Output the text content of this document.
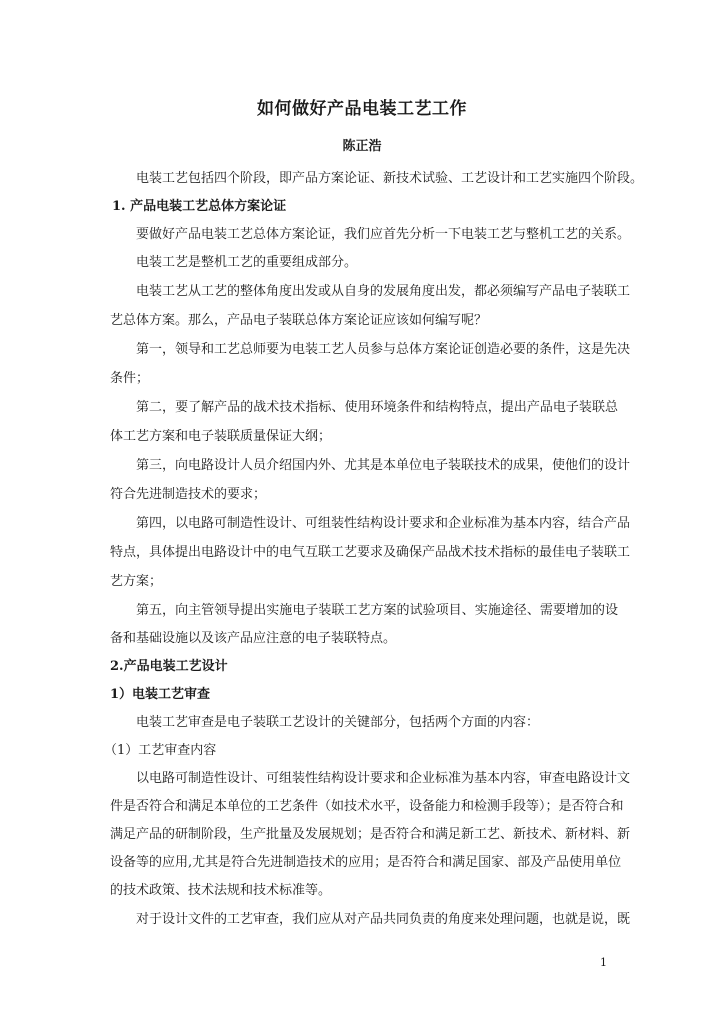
如何做好产品电装工艺工作
陈正浩
电装工艺包括四个阶段，即产品方案论证、新技术试验、工艺设计和工艺实施四个阶段。
1. 产品电装工艺总体方案论证
要做好产品电装工艺总体方案论证，我们应首先分析一下电装工艺与整机工艺的关系。
电装工艺是整机工艺的重要组成部分。
电装工艺从工艺的整体角度出发或从自身的发展角度出发，都必须编写产品电子装联工
艺总体方案。那么，产品电子装联总体方案论证应该如何编写呢？
第一，领导和工艺总师要为电装工艺人员参与总体方案论证创造必要的条件，这是先决
条件；
第二，要了解产品的战术技术指标、使用环境条件和结构特点，提出产品电子装联总
体工艺方案和电子装联质量保证大纲；
第三，向电路设计人员介绍国内外、尤其是本单位电子装联技术的成果，使他们的设计
符合先进制造技术的要求；
第四，以电路可制造性设计、可组装性结构设计要求和企业标准为基本内容，结合产品
特点，具体提出电路设计中的电气互联工艺要求及确保产品战术技术指标的最佳电子装联工
艺方案；
第五，向主管领导提出实施电子装联工艺方案的试验项目、实施途径、需要增加的设
备和基础设施以及该产品应注意的电子装联特点。
2.产品电装工艺设计
1）电装工艺审查
电装工艺审查是电子装联工艺设计的关键部分，包括两个方面的内容：
（1）工艺审查内容
以电路可制造性设计、可组装性结构设计要求和企业标准为基本内容，审查电路设计文
件是否符合和满足本单位的工艺条件（如技术水平，设备能力和检测手段等）；是否符合和
满足产品的研制阶段，生产批量及发展规划；是否符合和满足新工艺、新技术、新材料、新
设备等的应用,尤其是符合先进制造技术的应用；是否符合和满足国家、部及产品使用单位
的技术政策、技术法规和技术标准等。
对于设计文件的工艺审查，我们应从对产品共同负责的角度来处理问题，也就是说，既
1
